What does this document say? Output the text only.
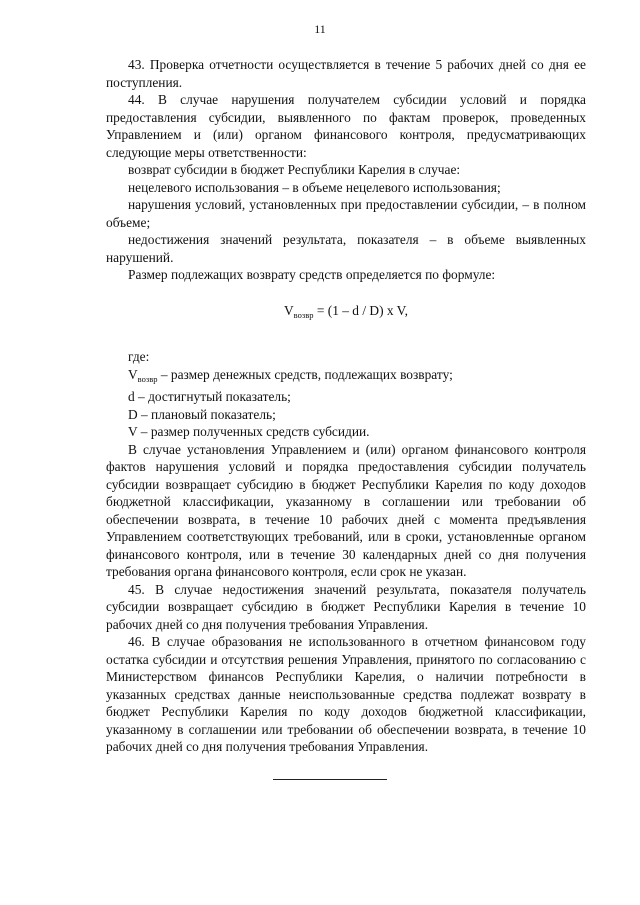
11

43. Проверка отчетности осуществляется в течение 5 рабочих дней со дня ее поступления.

44. В случае нарушения получателем субсидии условий и порядка предоставления субсидии, выявленного по фактам проверок, проведенных Управлением и (или) органом финансового контроля, предусматривающих следующие меры ответственности:

возврат субсидии в бюджет Республики Карелия в случае:

нецелевого использования – в объеме нецелевого использования;

нарушения условий, установленных при предоставлении субсидии, – в полном объеме;

недостижения значений результата, показателя – в объеме выявленных нарушений.

Размер подлежащих возврату средств определяется по формуле:

$V_{возвр} = (1 - d / D)$ x V,

где:

$V_{возвр}$ – размер денежных средств, подлежащих возврату;

d – достигнутый показатель;

D – плановый показатель;

V – размер полученных средств субсидии.

В случае установления Управлением и (или) органом финансового контроля фактов нарушения условий и порядка предоставления субсидии получатель субсидии возвращает субсидию в бюджет Республики Карелия по коду доходов бюджетной классификации, указанному в соглашении или требовании об обеспечении возврата, в течение 10 рабочих дней с момента предъявления Управлением соответствующих требований, или в сроки, установленные органом финансового контроля, или в течение 30 календарных дней со дня получения требования органа финансового контроля, если срок не указан.

45. В случае недостижения значений результата, показателя получатель субсидии возвращает субсидию в бюджет Республики Карелия в течение 10 рабочих дней со дня получения требования Управления.

46. В случае образования не использованного в отчетном финансовом году остатка субсидии и отсутствия решения Управления, принятого по согласованию с Министерством финансов Республики Карелия, о наличии потребности в указанных средствах данные неиспользованные средства подлежат возврату в бюджет Республики Карелия по коду доходов бюджетной классификации, указанному в соглашении или требовании об обеспечении возврата, в течение 10 рабочих дней со дня получения требования Управления.
